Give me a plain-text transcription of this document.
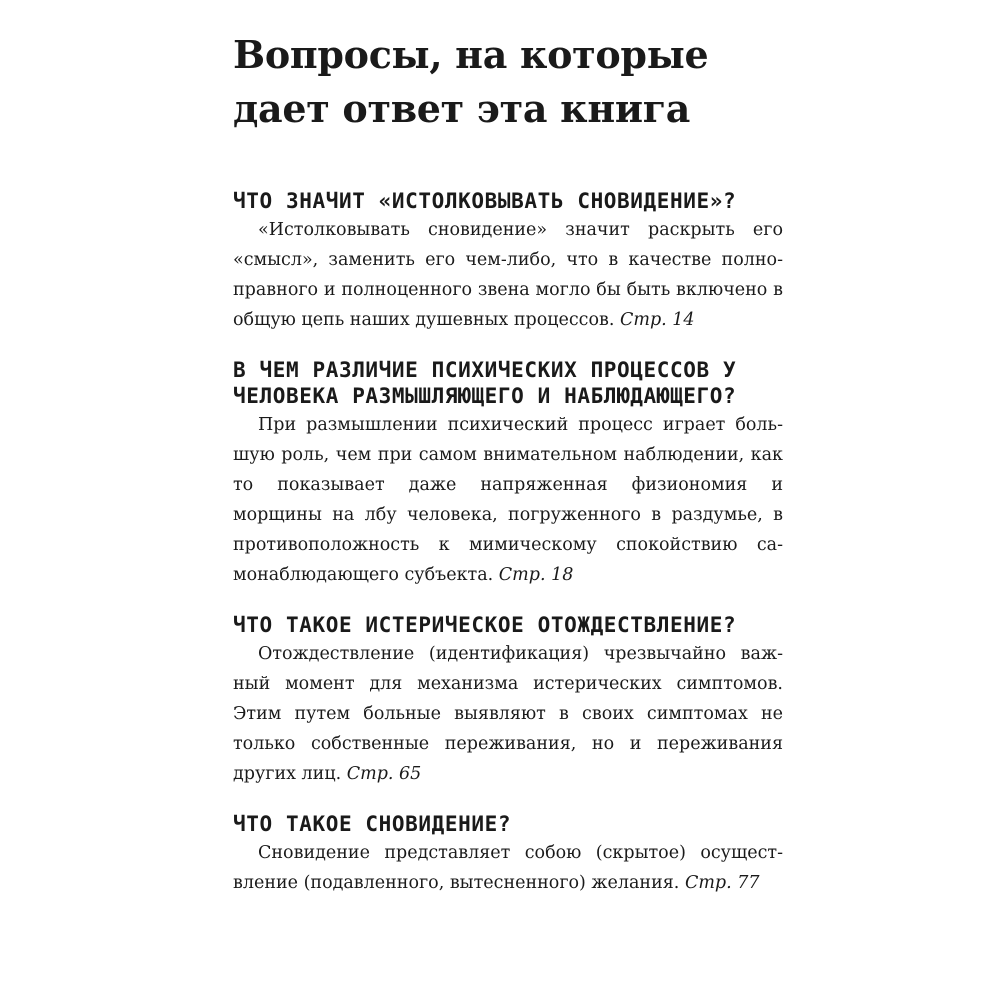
Вопросы, на которые дает ответ эта книга
ЧТО ЗНАЧИТ «ИСТОЛКОВЫВАТЬ СНОВИДЕНИЕ»?

«Истолковывать сновидение» значит раскрыть его «смысл», заменить его чем-либо, что в качестве полноправного и полноценного звена могло бы быть включено в общую цепь наших душевных процессов. Стр. 14

В ЧЕМ РАЗЛИЧИЕ ПСИХИЧЕСКИХ ПРОЦЕССОВ У ЧЕЛОВЕКА РАЗМЫШЛЯЮЩЕГО И НАБЛЮДАЮЩЕГО?

При размышлении психический процесс играет большую роль, чем при самом внимательном наблюдении, как то показывает даже напряженная физиономия и морщины на лбу человека, погруженного в раздумье, в противоположность к мимическому спокойствию самонаблюдающего субъекта. Стр. 18

ЧТО ТАКОЕ ИСТЕРИЧЕСКОЕ ОТОЖДЕСТВЛЕНИЕ?

Отождествление (идентификация) чрезвычайно важный момент для механизма истерических симптомов. Этим путем больные выявляют в своих симптомах не только собственные переживания, но и переживания других лиц. Стр. 65

ЧТО ТАКОЕ СНОВИДЕНИЕ?

Сновидение представляет собою (скрытое) осуществление (подавленного, вытесненного) желания. Стр. 77
